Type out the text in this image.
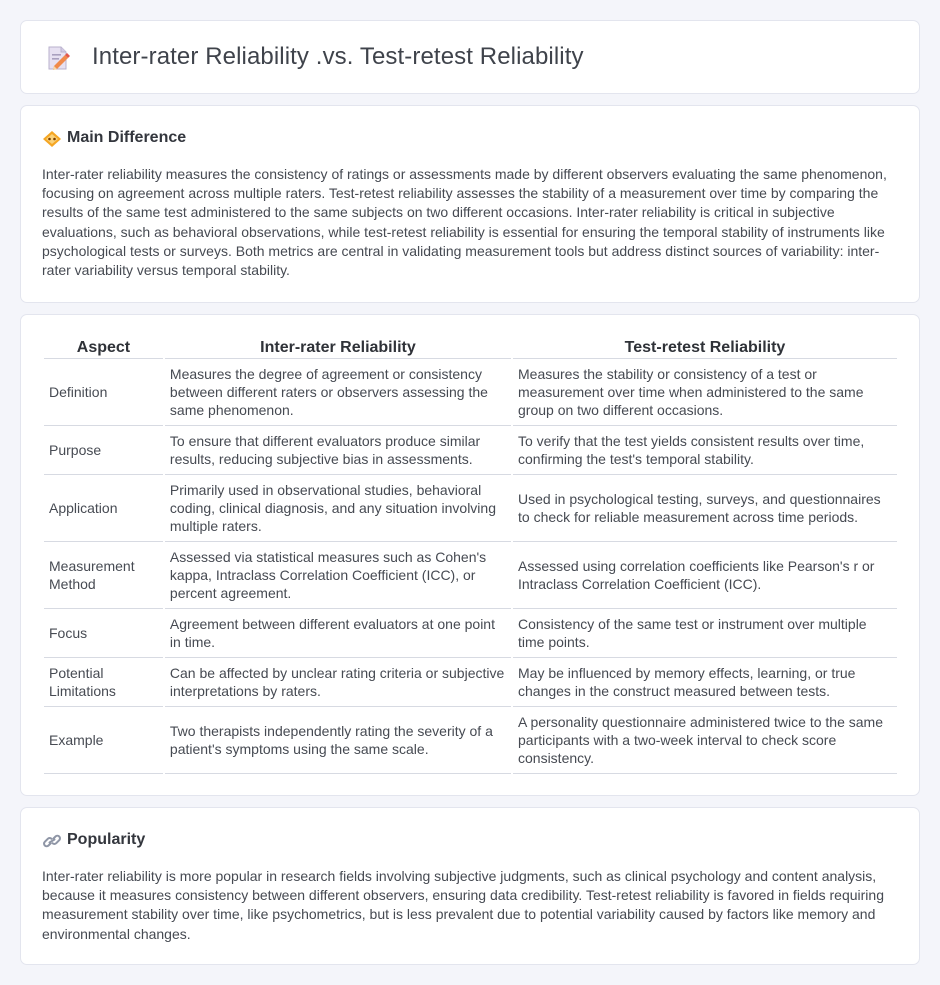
Inter-rater Reliability .vs. Test-retest Reliability
Main Difference

Inter-rater reliability measures the consistency of ratings or assessments made by different observers evaluating the same phenomenon, focusing on agreement across multiple raters. Test-retest reliability assesses the stability of a measurement over time by comparing the results of the same test administered to the same subjects on two different occasions. Inter-rater reliability is critical in subjective evaluations, such as behavioral observations, while test-retest reliability is essential for ensuring the temporal stability of instruments like psychological tests or surveys. Both metrics are central in validating measurement tools but address distinct sources of variability: inter-rater variability versus temporal stability.

Aspect	Inter-rater Reliability	Test-retest Reliability
Definition	Measures the degree of agreement or consistency between different raters or observers assessing the same phenomenon.	Measures the stability or consistency of a test or measurement over time when administered to the same group on two different occasions.
Purpose	To ensure that different evaluators produce similar results, reducing subjective bias in assessments.	To verify that the test yields consistent results over time, confirming the test's temporal stability.
Application	Primarily used in observational studies, behavioral coding, clinical diagnosis, and any situation involving multiple raters.	Used in psychological testing, surveys, and questionnaires to check for reliable measurement across time periods.
Measurement Method	Assessed via statistical measures such as Cohen's kappa, Intraclass Correlation Coefficient (ICC), or percent agreement.	Assessed using correlation coefficients like Pearson's r or Intraclass Correlation Coefficient (ICC).
Focus	Agreement between different evaluators at one point in time.	Consistency of the same test or instrument over multiple time points.
Potential Limitations	Can be affected by unclear rating criteria or subjective interpretations by raters.	May be influenced by memory effects, learning, or true changes in the construct measured between tests.
Example	Two therapists independently rating the severity of a patient's symptoms using the same scale.	A personality questionnaire administered twice to the same participants with a two-week interval to check score consistency.
Popularity

Inter-rater reliability is more popular in research fields involving subjective judgments, such as clinical psychology and content analysis, because it measures consistency between different observers, ensuring data credibility. Test-retest reliability is favored in fields requiring measurement stability over time, like psychometrics, but is less prevalent due to potential variability caused by factors like memory and environmental changes.
